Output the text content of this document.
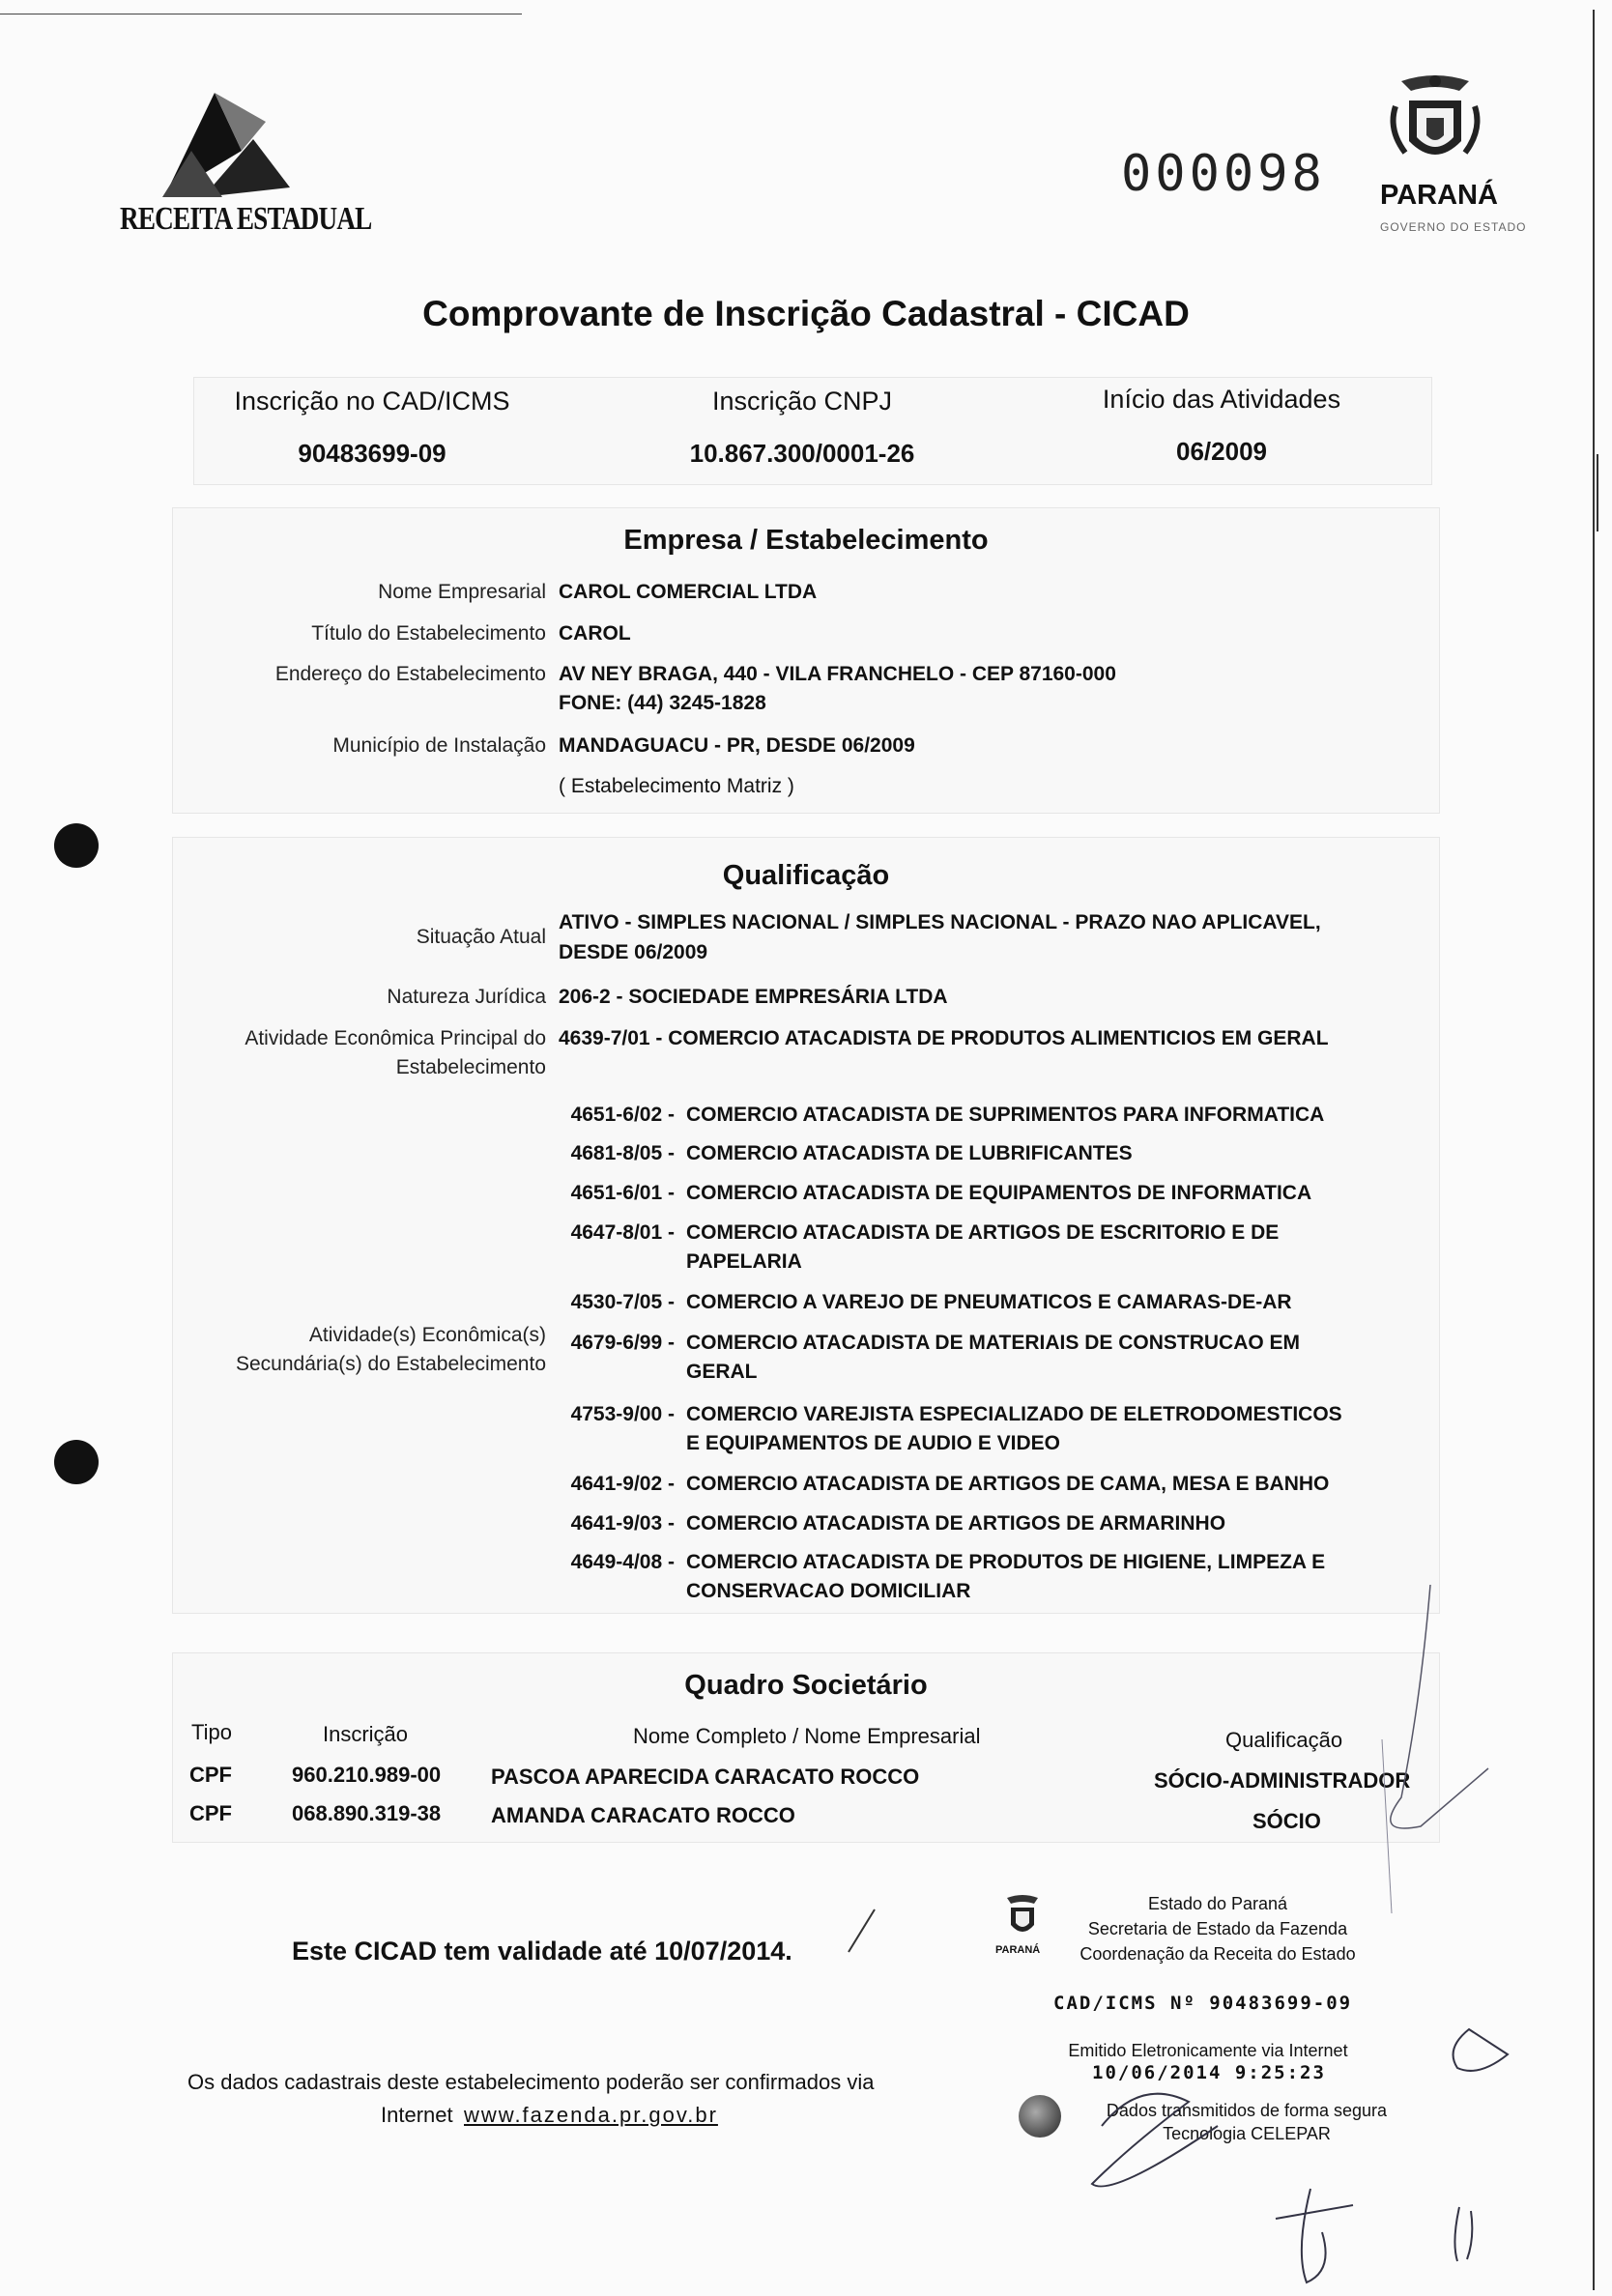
RECEITA ESTADUAL
000098 PARANÁ
GOVERNO DO ESTADO
Comprovante de Inscrição Cadastral - CICAD
Inscrição no CAD/ICMS
90483699-09
Inscrição CNPJ
10.867.300/0001-26
Início das Atividades
06/2009
Empresa / Estabelecimento
Nome Empresarial CAROL COMERCIAL LTDA
Título do Estabelecimento CAROL
Endereço do Estabelecimento AV NEY BRAGA, 440 - VILA FRANCHELO - CEP 87160-000
FONE: (44) 3245-1828
Município de Instalação MANDAGUACU - PR, DESDE 06/2009
( Estabelecimento Matriz )
Qualificação
Situação Atual
ATIVO - SIMPLES NACIONAL / SIMPLES NACIONAL - PRAZO NAO APLICAVEL,
DESDE 06/2009
Natureza Jurídica 206-2 - SOCIEDADE EMPRESÁRIA LTDA
Atividade Econômica Principal do
Estabelecimento
4639-7/01 - COMERCIO ATACADISTA DE PRODUTOS ALIMENTICIOS EM GERAL
Atividade(s) Econômica(s)
Secundária(s) do Estabelecimento
4651-6/02 - COMERCIO ATACADISTA DE SUPRIMENTOS PARA INFORMATICA
4681-8/05 - COMERCIO ATACADISTA DE LUBRIFICANTES
4651-6/01 - COMERCIO ATACADISTA DE EQUIPAMENTOS DE INFORMATICA
4647-8/01 - COMERCIO ATACADISTA DE ARTIGOS DE ESCRITORIO E DE
PAPELARIA
4530-7/05 - COMERCIO A VAREJO DE PNEUMATICOS E CAMARAS-DE-AR
4679-6/99 - COMERCIO ATACADISTA DE MATERIAIS DE CONSTRUCAO EM
GERAL
4753-9/00 - COMERCIO VAREJISTA ESPECIALIZADO DE ELETRODOMESTICOS
E EQUIPAMENTOS DE AUDIO E VIDEO
4641-9/02 - COMERCIO ATACADISTA DE ARTIGOS DE CAMA, MESA E BANHO
4641-9/03 - COMERCIO ATACADISTA DE ARTIGOS DE ARMARINHO
4649-4/08 - COMERCIO ATACADISTA DE PRODUTOS DE HIGIENE, LIMPEZA E
CONSERVACAO DOMICILIAR
Quadro Societário
Tipo	Inscrição	Nome Completo / Nome Empresarial	Qualificação
CPF	960.210.989-00 PASCOA APARECIDA CARACATO ROCCO	SÓCIO-ADMINISTRADOR
CPF	068.890.319-38 AMANDA CARACATO ROCCO	SÓCIO
Este CICAD tem validade até 10/07/2014.
Os dados cadastrais deste estabelecimento poderão ser confirmados via
Internet www.fazenda.pr.gov.br
PARANÁ
Estado do Paraná
Secretaria de Estado da Fazenda
Coordenação da Receita do Estado
CAD/ICMS Nº 90483699-09
Emitido Eletronicamente via Internet
10/06/2014 9:25:23
Dados transmitidos de forma segura
Tecnologia CELEPAR
